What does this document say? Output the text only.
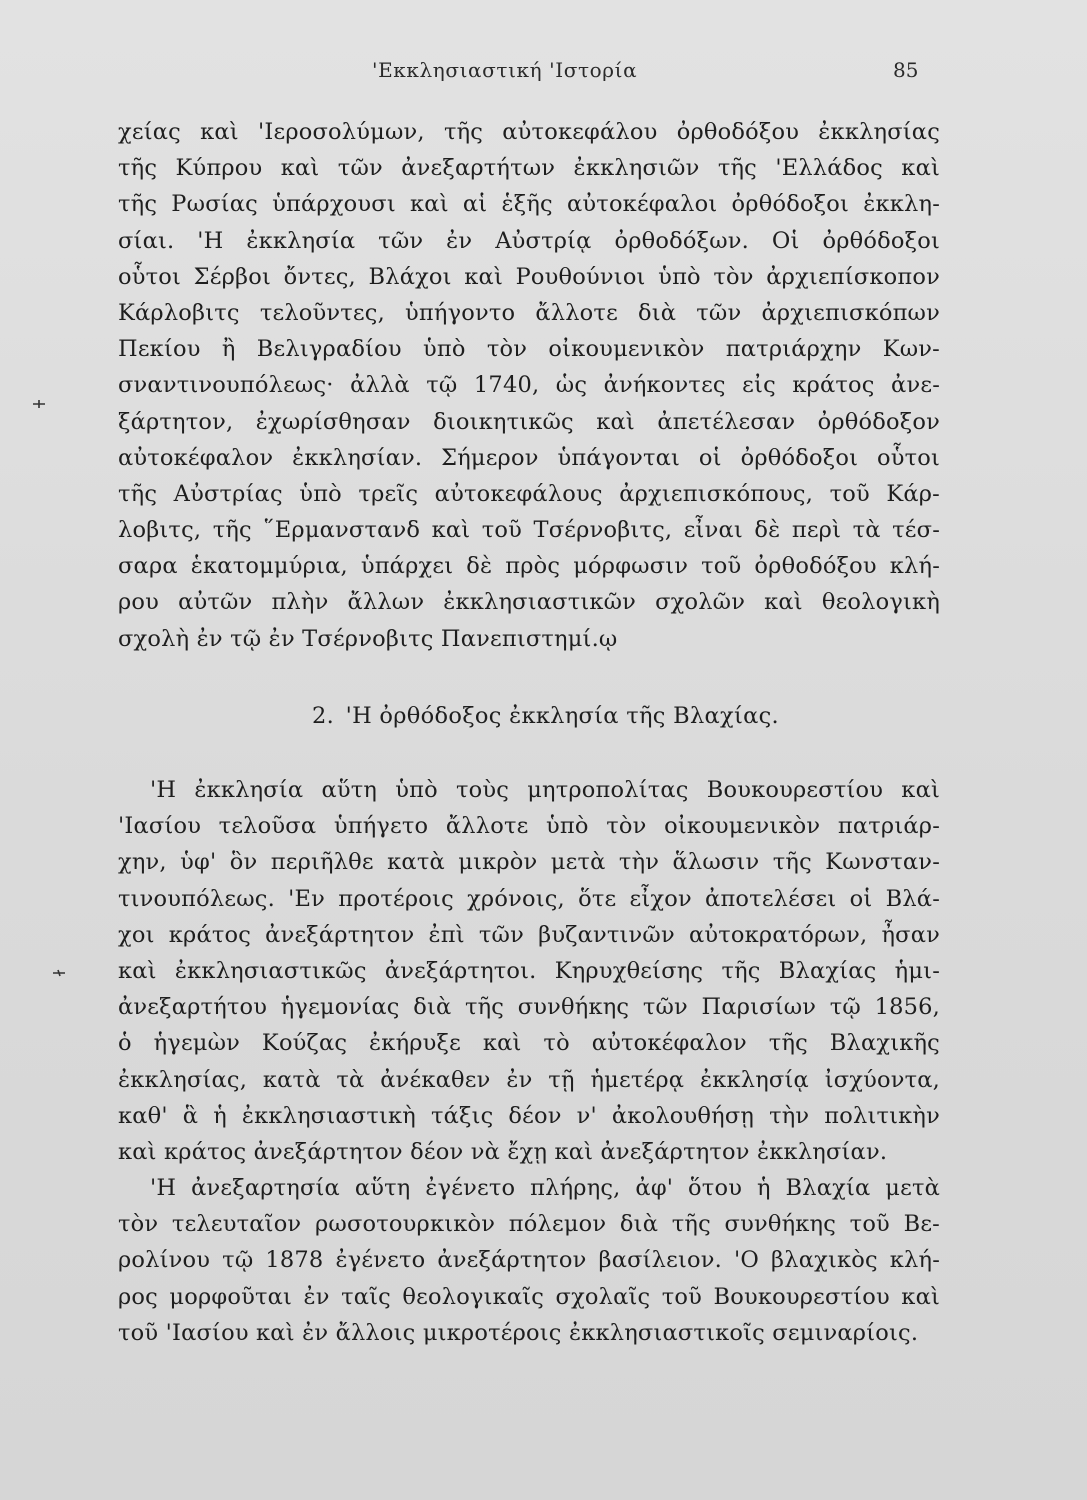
'Εκκλησιαστική 'Ιστορία	85
χείας καὶ 'Ιεροσολύμων, τῆς αὐτοκεφάλου ὀρθοδόξου ἐκκλησίας
τῆς Κύπρου καὶ τῶν ἀνεξαρτήτων ἐκκλησιῶν τῆς 'Ελλάδος καὶ
τῆς Ρωσίας ὑπάρχουσι καὶ αἱ ἑξῆς αὐτοκέφαλοι ὀρθόδοξοι ἐκκλη-
σίαι. 'Η ἐκκλησία τῶν ἐν Αὐστρίᾳ ὀρθοδόξων. Οἱ ὀρθόδοξοι
οὗτοι Σέρβοι ὄντες, Βλάχοι καὶ Ρουθούνιοι ὑπὸ τὸν ἀρχιεπίσκοπον
Κάρλοβιτς τελοῦντες, ὑπήγοντο ἄλλοτε διὰ τῶν ἀρχιεπισκόπων
Πεκίου ἢ Βελιγραδίου ὑπὸ τὸν οἰκουμενικὸν πατριάρχην Κων-
σναντινουπόλεως· ἀλλὰ τῷ 1740, ὡς ἀνήκοντες εἰς κράτος ἀνε-
ξάρτητον, ἐχωρίσθησαν διοικητικῶς καὶ ἀπετέλεσαν ὀρθόδοξον
αὐτοκέφαλον ἐκκλησίαν. Σήμερον ὑπάγονται οἱ ὀρθόδοξοι οὗτοι
τῆς Αὐστρίας ὑπὸ τρεῖς αὐτοκεφάλους ἀρχιεπισκόπους, τοῦ Κάρ-
λοβιτς, τῆς ῞Ερμανστανδ καὶ τοῦ Τσέρνοβιτς, εἶναι δὲ περὶ τὰ τέσ-
σαρα ἑκατομμύρια, ὑπάρχει δὲ πρὸς μόρφωσιν τοῦ ὀρθοδόξου κλή-
ρου αὐτῶν πλὴν ἄλλων ἐκκλησιαστικῶν σχολῶν καὶ θεολογικὴ
σχολὴ ἐν τῷ ἐν Τσέρνοβιτς Πανεπιστημί.ῳ
2. 'Η ὀρθόδοξος ἐκκλησία τῆς Βλαχίας.
'Η ἐκκλησία αὕτη ὑπὸ τοὺς μητροπολίτας Βουκουρεστίου καὶ
'Ιασίου τελοῦσα ὑπήγετο ἄλλοτε ὑπὸ τὸν οἰκουμενικὸν πατριάρ-
χην, ὑφ' ὃν περιῆλθε κατὰ μικρὸν μετὰ τὴν ἅλωσιν τῆς Κωνσταν-
τινουπόλεως. 'Εν προτέροις χρόνοις, ὅτε εἶχον ἀποτελέσει οἱ Βλά-
χοι κράτος ἀνεξάρτητον ἐπὶ τῶν βυζαντινῶν αὐτοκρατόρων, ἦσαν
καὶ ἐκκλησιαστικῶς ἀνεξάρτητοι. Κηρυχθείσης τῆς Βλαχίας ἡμι-
ἀνεξαρτήτου ἡγεμονίας διὰ τῆς συνθήκης τῶν Παρισίων τῷ 1856,
ὁ ἡγεμὼν Κούζας ἐκήρυξε καὶ τὸ αὐτοκέφαλον τῆς Βλαχικῆς
ἐκκλησίας, κατὰ τὰ ἀνέκαθεν ἐν τῇ ἡμετέρᾳ ἐκκλησίᾳ ἰσχύοντα,
καθ' ἃ ἡ ἐκκλησιαστικὴ τάξις δέον ν' ἀκολουθήσῃ τὴν πολιτικὴν
καὶ κράτος ἀνεξάρτητον δέον νὰ ἔχῃ καὶ ἀνεξάρτητον ἐκκλησίαν.
'Η ἀνεξαρτησία αὕτη ἐγένετο πλήρης, ἀφ' ὅτου ἡ Βλαχία μετὰ
τὸν τελευταῖον ρωσοτουρκικὸν πόλεμον διὰ τῆς συνθήκης τοῦ Βε-
ρολίνου τῷ 1878 ἐγένετο ἀνεξάρτητον βασίλειον. 'Ο βλαχικὸς κλή-
ρος μορφοῦται ἐν ταῖς θεολογικαῖς σχολαῖς τοῦ Βουκουρεστίου καὶ
τοῦ 'Ιασίου καὶ ἐν ἄλλοις μικροτέροις ἐκκλησιαστικοῖς σεμιναρίοις.
